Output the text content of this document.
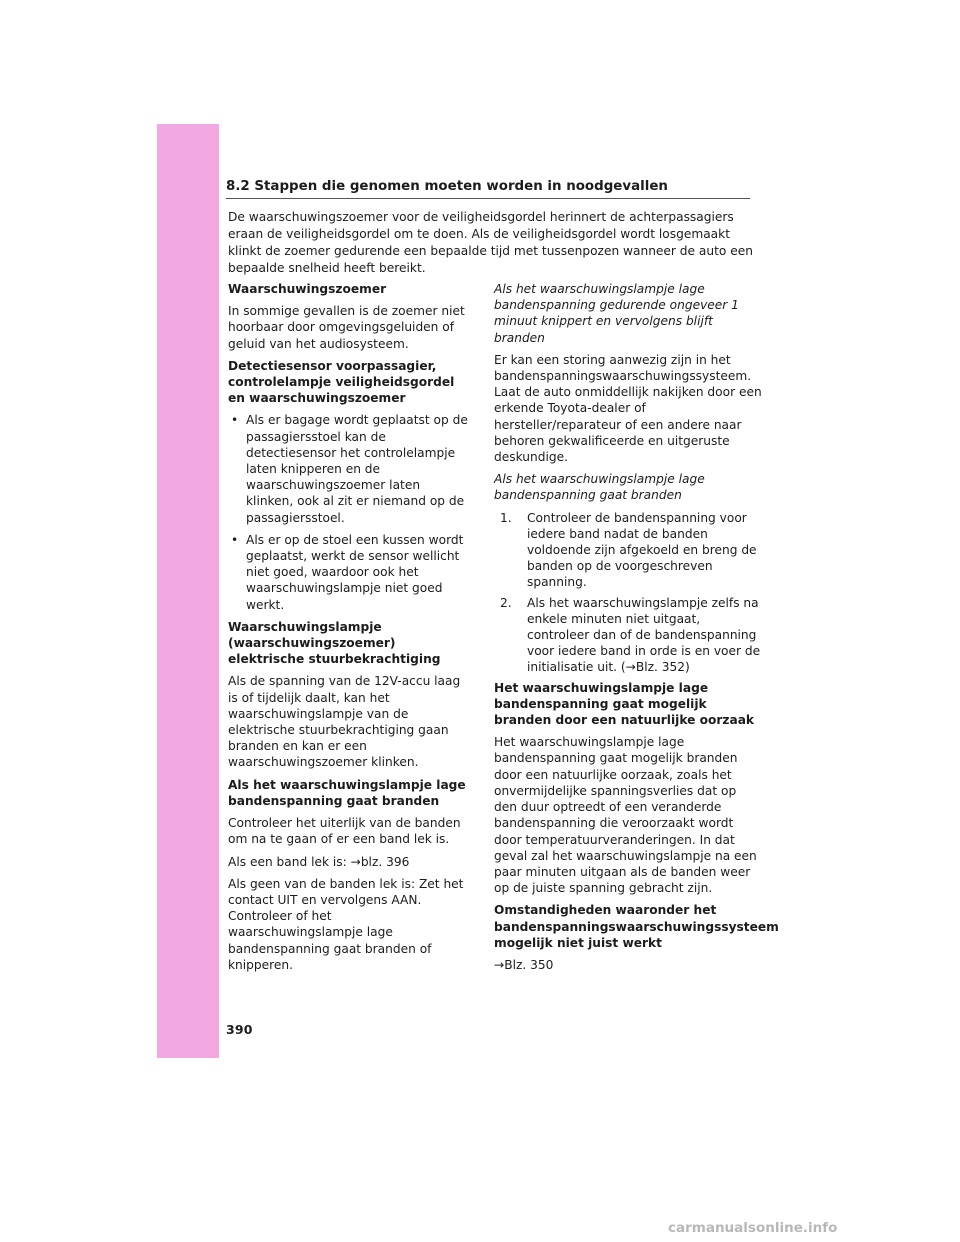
8.2 Stappen die genomen moeten worden in noodgevallen

De waarschuwingszoemer voor de veiligheidsgordel herinnert de achterpassagiers eraan de veiligheidsgordel om te doen. Als de veiligheidsgordel wordt losgemaakt klinkt de zoemer gedurende een bepaalde tijd met tussenpozen wanneer de auto een bepaalde snelheid heeft bereikt.

Waarschuwingszoemer

In sommige gevallen is de zoemer niet hoorbaar door omgevingsgeluiden of geluid van het audiosysteem.

Detectiesensor voorpassagier, controlelampje veiligheidsgordel en waarschuwingszoemer

• Als er bagage wordt geplaatst op de passagiersstoel kan de detectiesensor het controlelampje laten knipperen en de waarschuwingszoemer laten klinken, ook al zit er niemand op de passagiersstoel.
• Als er op de stoel een kussen wordt geplaatst, werkt de sensor wellicht niet goed, waardoor ook het waarschuwingslampje niet goed werkt.

Waarschuwingslampje (waarschuwingszoemer) elektrische stuurbekrachtiging

Als de spanning van de 12V-accu laag is of tijdelijk daalt, kan het waarschuwingslampje van de elektrische stuurbekrachtiging gaan branden en kan er een waarschuwingszoemer klinken.

Als het waarschuwingslampje lage bandenspanning gaat branden

Controleer het uiterlijk van de banden om na te gaan of er een band lek is.

Als een band lek is: →blz. 396

Als geen van de banden lek is: Zet het contact UIT en vervolgens AAN. Controleer of het waarschuwingslampje lage bandenspanning gaat branden of knipperen.

Als het waarschuwingslampje lage bandenspanning gedurende ongeveer 1 minuut knippert en vervolgens blijft branden

Er kan een storing aanwezig zijn in het bandenspanningswaarschuwingssysteem. Laat de auto onmiddellijk nakijken door een erkende Toyota-dealer of hersteller/reparateur of een andere naar behoren gekwalificeerde en uitgeruste deskundige.

Als het waarschuwingslampje lage bandenspanning gaat branden

1. Controleer de bandenspanning voor iedere band nadat de banden voldoende zijn afgekoeld en breng de banden op de voorgeschreven spanning.
2. Als het waarschuwingslampje zelfs na enkele minuten niet uitgaat, controleer dan of de bandenspanning voor iedere band in orde is en voer de initialisatie uit. (→Blz. 352)

Het waarschuwingslampje lage bandenspanning gaat mogelijk branden door een natuurlijke oorzaak

Het waarschuwingslampje lage bandenspanning gaat mogelijk branden door een natuurlijke oorzaak, zoals het onvermijdelijke spanningsverlies dat op den duur optreedt of een veranderde bandenspanning die veroorzaakt wordt door temperatuurveranderingen. In dat geval zal het waarschuwingslampje na een paar minuten uitgaan als de banden weer op de juiste spanning gebracht zijn.

Omstandigheden waaronder het bandenspanningswaarschuwingssysteem mogelijk niet juist werkt

→Blz. 350

390
carmanualsonline.info
